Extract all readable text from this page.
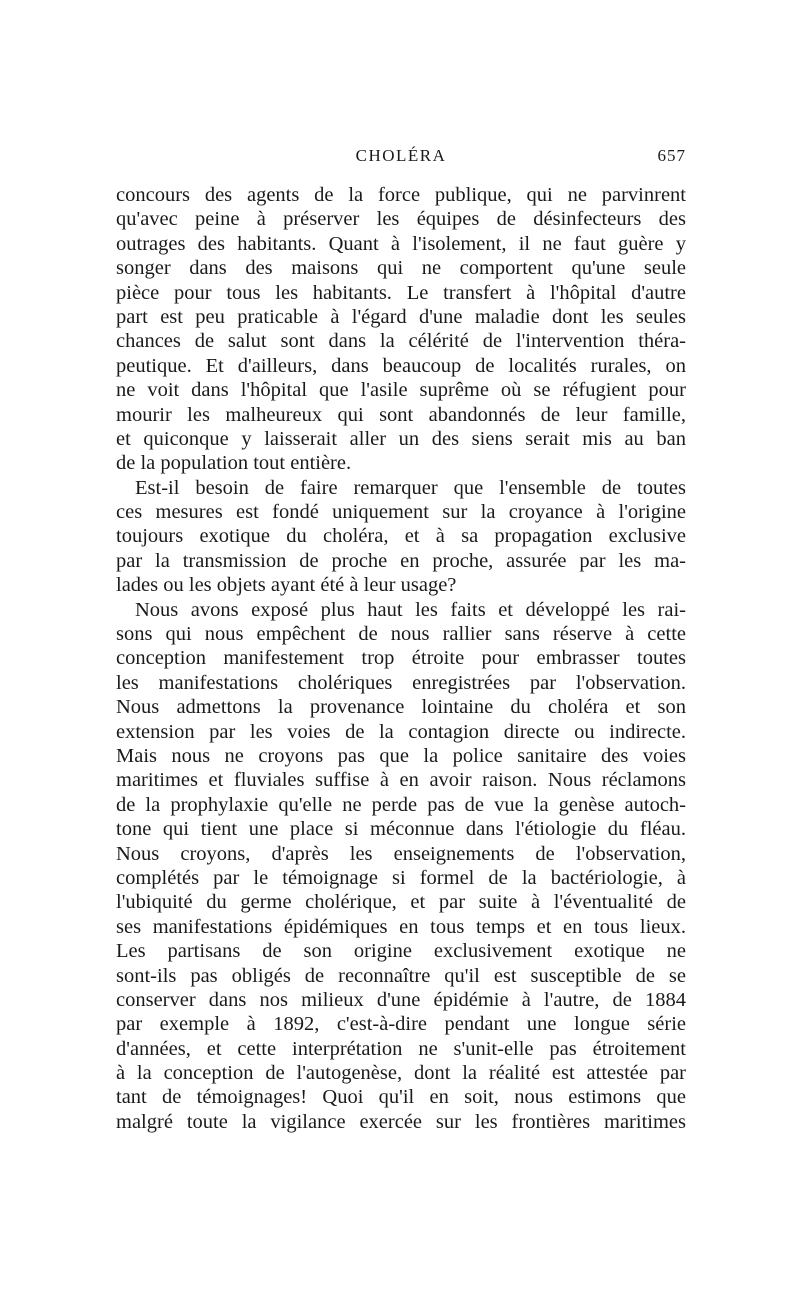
CHOLÉRA	657
concours des agents de la force publique, qui ne parvinrent
qu'avec peine à préserver les équipes de désinfecteurs des
outrages des habitants. Quant à l'isolement, il ne faut guère y
songer dans des maisons qui ne comportent qu'une seule
pièce pour tous les habitants. Le transfert à l'hôpital d'autre
part est peu praticable à l'égard d'une maladie dont les seules
chances de salut sont dans la célérité de l'intervention théra-
peutique. Et d'ailleurs, dans beaucoup de localités rurales, on
ne voit dans l'hôpital que l'asile suprême où se réfugient pour
mourir les malheureux qui sont abandonnés de leur famille,
et quiconque y laisserait aller un des siens serait mis au ban
de la population tout entière.
Est-il besoin de faire remarquer que l'ensemble de toutes
ces mesures est fondé uniquement sur la croyance à l'origine
toujours exotique du choléra, et à sa propagation exclusive
par la transmission de proche en proche, assurée par les ma-
lades ou les objets ayant été à leur usage?
Nous avons exposé plus haut les faits et développé les rai-
sons qui nous empêchent de nous rallier sans réserve à cette
conception manifestement trop étroite pour embrasser toutes
les manifestations cholériques enregistrées par l'observation.
Nous admettons la provenance lointaine du choléra et son
extension par les voies de la contagion directe ou indirecte.
Mais nous ne croyons pas que la police sanitaire des voies
maritimes et fluviales suffise à en avoir raison. Nous réclamons
de la prophylaxie qu'elle ne perde pas de vue la genèse autoch-
tone qui tient une place si méconnue dans l'étiologie du fléau.
Nous croyons, d'après les enseignements de l'observation,
complétés par le témoignage si formel de la bactériologie, à
l'ubiquité du germe cholérique, et par suite à l'éventualité de
ses manifestations épidémiques en tous temps et en tous lieux.
Les partisans de son origine exclusivement exotique ne
sont-ils pas obligés de reconnaître qu'il est susceptible de se
conserver dans nos milieux d'une épidémie à l'autre, de 1884
par exemple à 1892, c'est-à-dire pendant une longue série
d'années, et cette interprétation ne s'unit-elle pas étroitement
à la conception de l'autogenèse, dont la réalité est attestée par
tant de témoignages! Quoi qu'il en soit, nous estimons que
malgré toute la vigilance exercée sur les frontières maritimes
